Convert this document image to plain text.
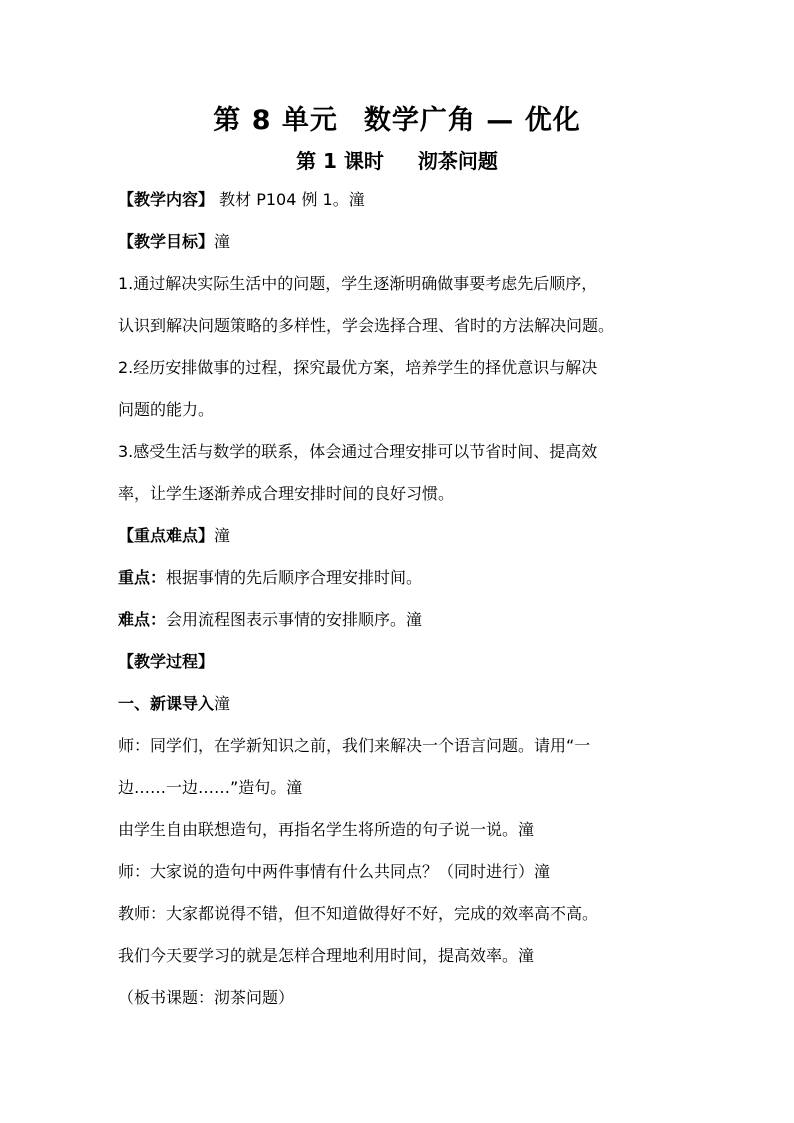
第 8 单元 数学广角 — 优化
第 1 课时 沏茶问题
【教学内容】 教材 P104 例 1。潼
【教学目标】潼
1.通过解决实际生活中的问题，学生逐渐明确做事要考虑先后顺序，
认识到解决问题策略的多样性，学会选择合理、省时的方法解决问题。
2.经历安排做事的过程，探究最优方案，培养学生的择优意识与解决
问题的能力。
3.感受生活与数学的联系，体会通过合理安排可以节省时间、提高效
率，让学生逐渐养成合理安排时间的良好习惯。
【重点难点】潼
重点：根据事情的先后顺序合理安排时间。
难点：会用流程图表示事情的安排顺序。潼
【教学过程】
一、新课导入潼
师：同学们，在学新知识之前，我们来解决一个语言问题。请用“一
边……一边……”造句。潼
由学生自由联想造句，再指名学生将所造的句子说一说。潼
师：大家说的造句中两件事情有什么共同点？（同时进行）潼
教师：大家都说得不错，但不知道做得好不好，完成的效率高不高。
我们今天要学习的就是怎样合理地利用时间，提高效率。潼
（板书课题：沏茶问题）
